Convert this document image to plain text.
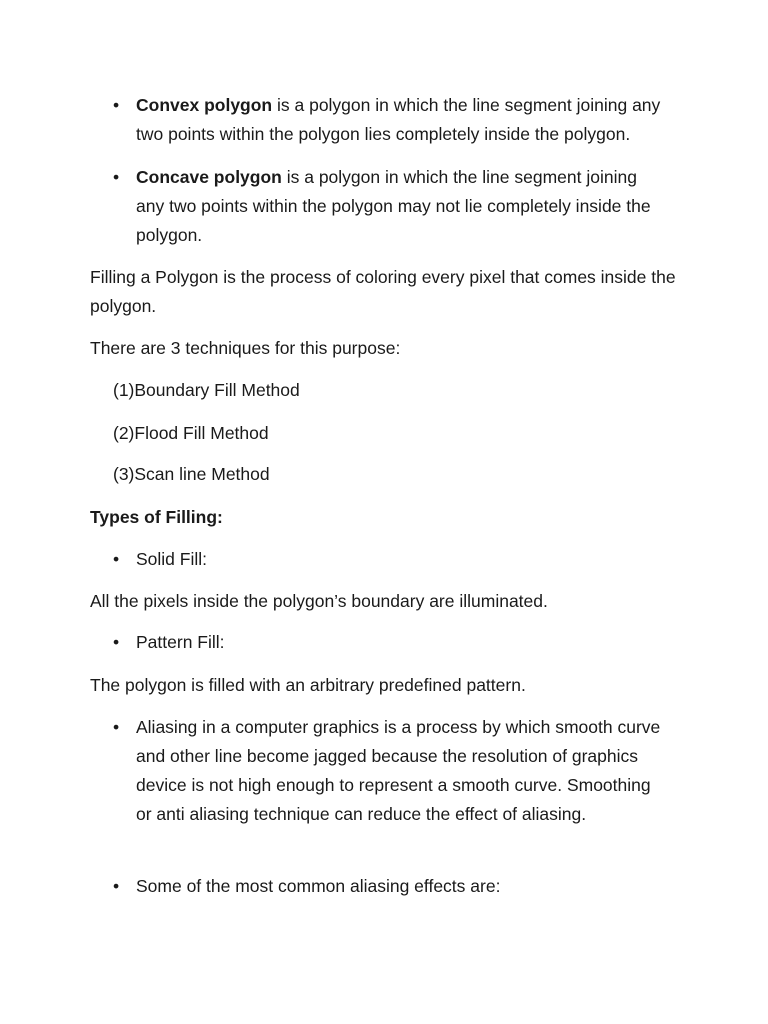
• Convex polygon is a polygon in which the line segment joining any two points within the polygon lies completely inside the polygon.
• Concave polygon is a polygon in which the line segment joining any two points within the polygon may not lie completely inside the polygon.
Filling a Polygon is the process of coloring every pixel that comes inside the polygon.
There are 3 techniques for this purpose:
(1)Boundary Fill Method
(2)Flood Fill Method
(3)Scan line Method
Types of Filling:
• Solid Fill:
All the pixels inside the polygon’s boundary are illuminated.
• Pattern Fill:
The polygon is filled with an arbitrary predefined pattern.
• Aliasing in a computer graphics is a process by which smooth curve and other line become jagged because the resolution of graphics device is not high enough to represent a smooth curve. Smoothing or anti aliasing technique can reduce the effect of aliasing.
• Some of the most common aliasing effects are:
